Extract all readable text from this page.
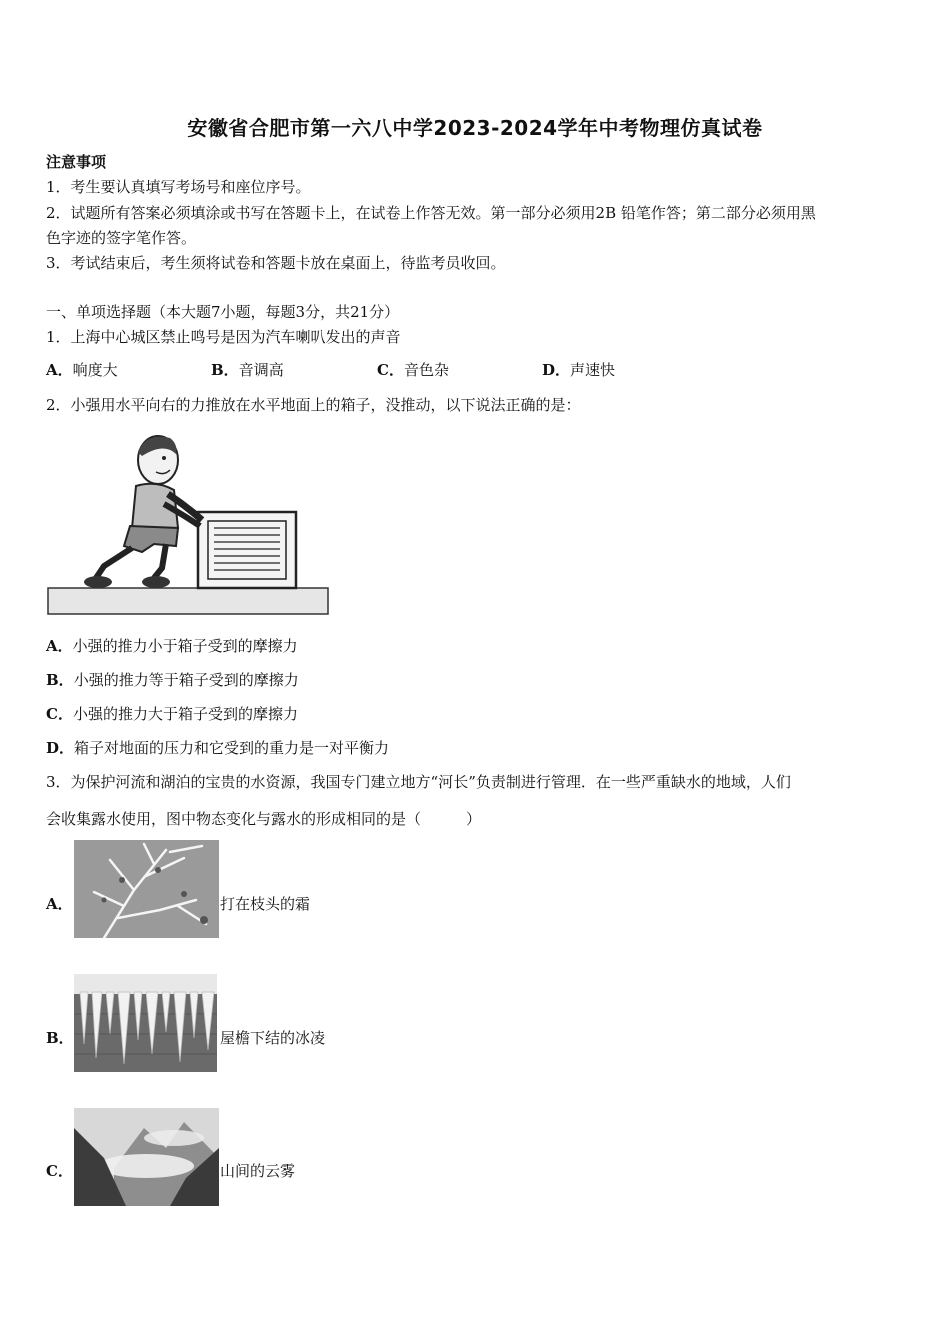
安徽省合肥市第一六八中学2023-2024学年中考物理仿真试卷
注意事项
1．考生要认真填写考场号和座位序号。
2．试题所有答案必须填涂或书写在答题卡上，在试卷上作答无效。第一部分必须用2B 铅笔作答；第二部分必须用黑
色字迹的签字笔作答。
3．考试结束后，考生须将试卷和答题卡放在桌面上，待监考员收回。
一、单项选择题（本大题7小题，每题3分，共21分）
1．上海中心城区禁止鸣号是因为汽车喇叭发出的声音
A．响度大	B．音调高	C．音色杂	D．声速快
2．小强用水平向右的力推放在水平地面上的箱子，没推动，以下说法正确的是：
A．小强的推力小于箱子受到的摩擦力
B．小强的推力等于箱子受到的摩擦力
C．小强的推力大于箱子受到的摩擦力
D．箱子对地面的压力和它受到的重力是一对平衡力
3．为保护河流和湖泊的宝贵的水资源，我国专门建立地方“河长”负责制进行管理．在一些严重缺水的地域，人们
会收集露水使用，图中物态变化与露水的形成相同的是（　　　）
A．	打在枝头的霜
B．	屋檐下结的冰凌
C．	山间的云雾
